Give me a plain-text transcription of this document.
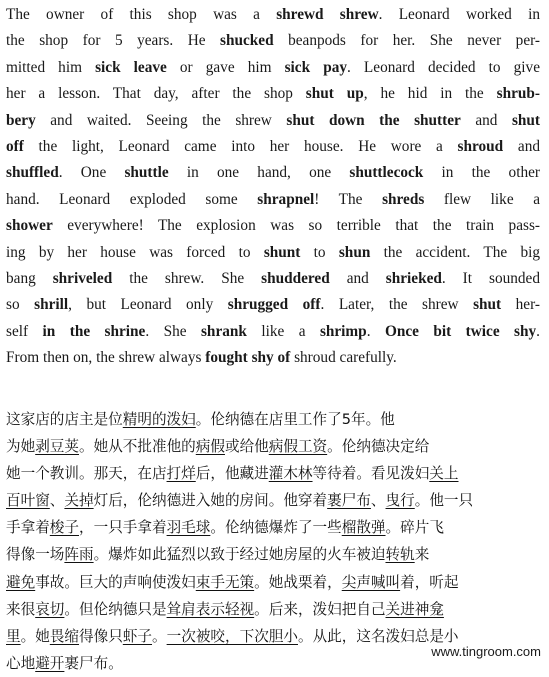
The owner of this shop was a shrewd shrew. Leonard worked in
the shop for 5 years. He shucked beanpods for her. She never per-
mitted him sick leave or gave him sick pay. Leonard decided to give
her a lesson. That day, after the shop shut up, he hid in the shrub-
bery and waited. Seeing the shrew shut down the shutter and shut
off the light, Leonard came into her house. He wore a shroud and
shuffled. One shuttle in one hand, one shuttlecock in the other
hand. Leonard exploded some shrapnel! The shreds flew like a
shower everywhere! The explosion was so terrible that the train pass-
ing by her house was forced to shunt to shun the accident. The big
bang shriveled the shrew. She shuddered and shrieked. It sounded
so shrill, but Leonard only shrugged off. Later, the shrew shut her-
self in the shrine. She shrank like a shrimp. Once bit twice shy.
From then on, the shrew always fought shy of shroud carefully.
这家店的店主是位精明的泼妇。伦纳德在店里工作了5年。他
为她剥豆荚。她从不批准他的病假或给他病假工资。伦纳德决定给
她一个教训。那天，在店打烊后，他藏进灌木林等待着。看见泼妇关上
百叶窗、关掉灯后，伦纳德进入她的房间。他穿着裹尸布、曳行。他一只
手拿着梭子，一只手拿着羽毛球。伦纳德爆炸了一些榴散弹。碎片飞
得像一场阵雨。爆炸如此猛烈以致于经过她房屋的火车被迫转轨来
避免事故。巨大的声响使泼妇束手无策。她战栗着，尖声喊叫着，听起
来很哀切。但伦纳德只是耸肩表示轻视。后来，泼妇把自己关进神龛
里。她畏缩得像只虾子。一次被咬，下次胆小。从此，这名泼妇总是小
心地避开裹尸布。
www.tingroom.com
